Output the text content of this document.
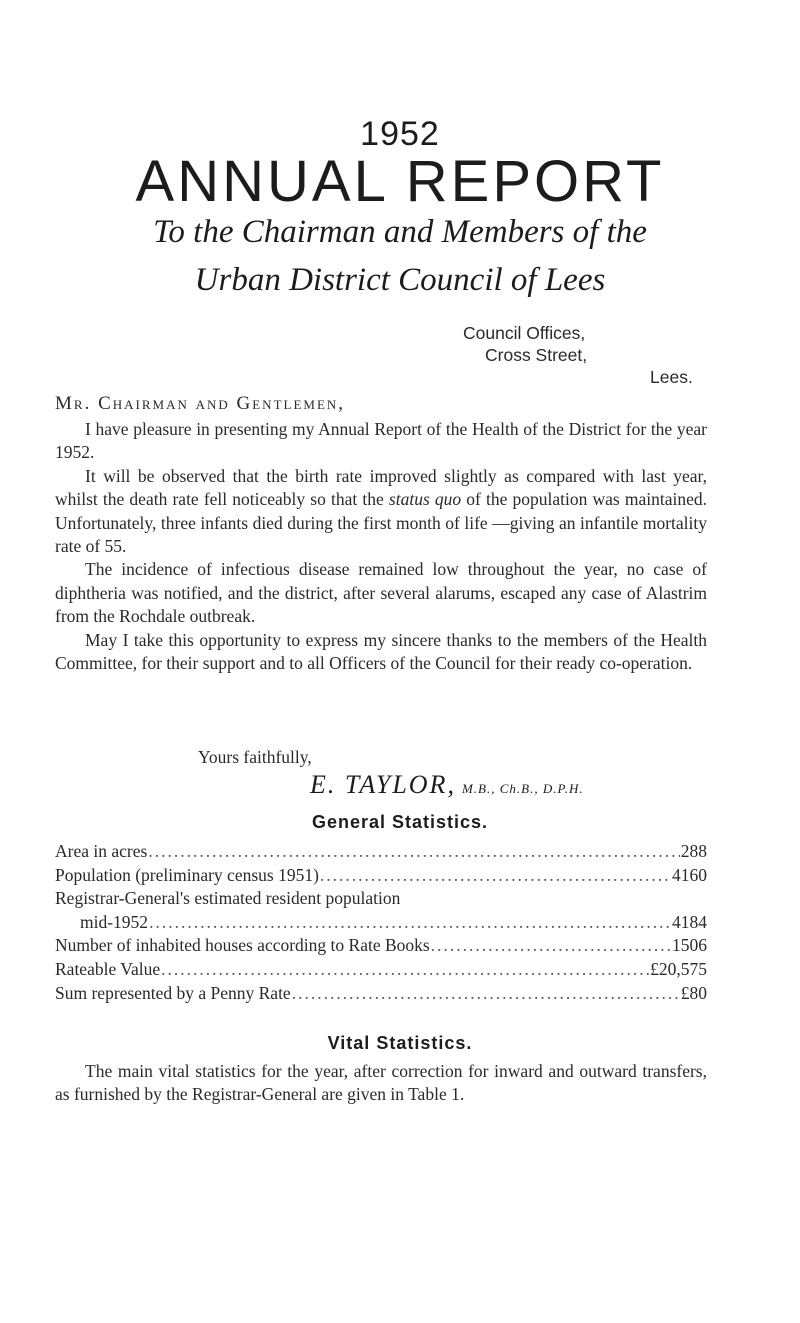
1952
ANNUAL REPORT
To the Chairman and Members of the
Urban District Council of Lees
Council Offices,
Cross Street,
Lees.
Mr. Chairman and Gentlemen,

I have pleasure in presenting my Annual Report of the Health of the District for the year 1952.

It will be observed that the birth rate improved slightly as compared with last year, whilst the death rate fell noticeably so that the status quo of the population was maintained. Unfortunately, three infants died during the first month of life —giving an infantile mortality rate of 55.

The incidence of infectious disease remained low throughout the year, no case of diphtheria was notified, and the district, after several alarums, escaped any case of Alastrim from the Rochdale outbreak.

May I take this opportunity to express my sincere thanks to the members of the Health Committee, for their support and to all Officers of the Council for their ready co-operation.

Yours faithfully,
E. TAYLOR, M.B., Ch.B., D.P.H.
General Statistics.
Area in acres .....	288
Population (preliminary census 1951) .....	4160
Registrar-General's estimated resident population
mid-1952 .....	4184
Number of inhabited houses according to Rate Books .....	1506
Rateable Value .....	£20,575
Sum represented by a Penny Rate .....	£80
Vital Statistics.

The main vital statistics for the year, after correction for inward and outward transfers, as furnished by the Registrar-General are given in Table 1.
